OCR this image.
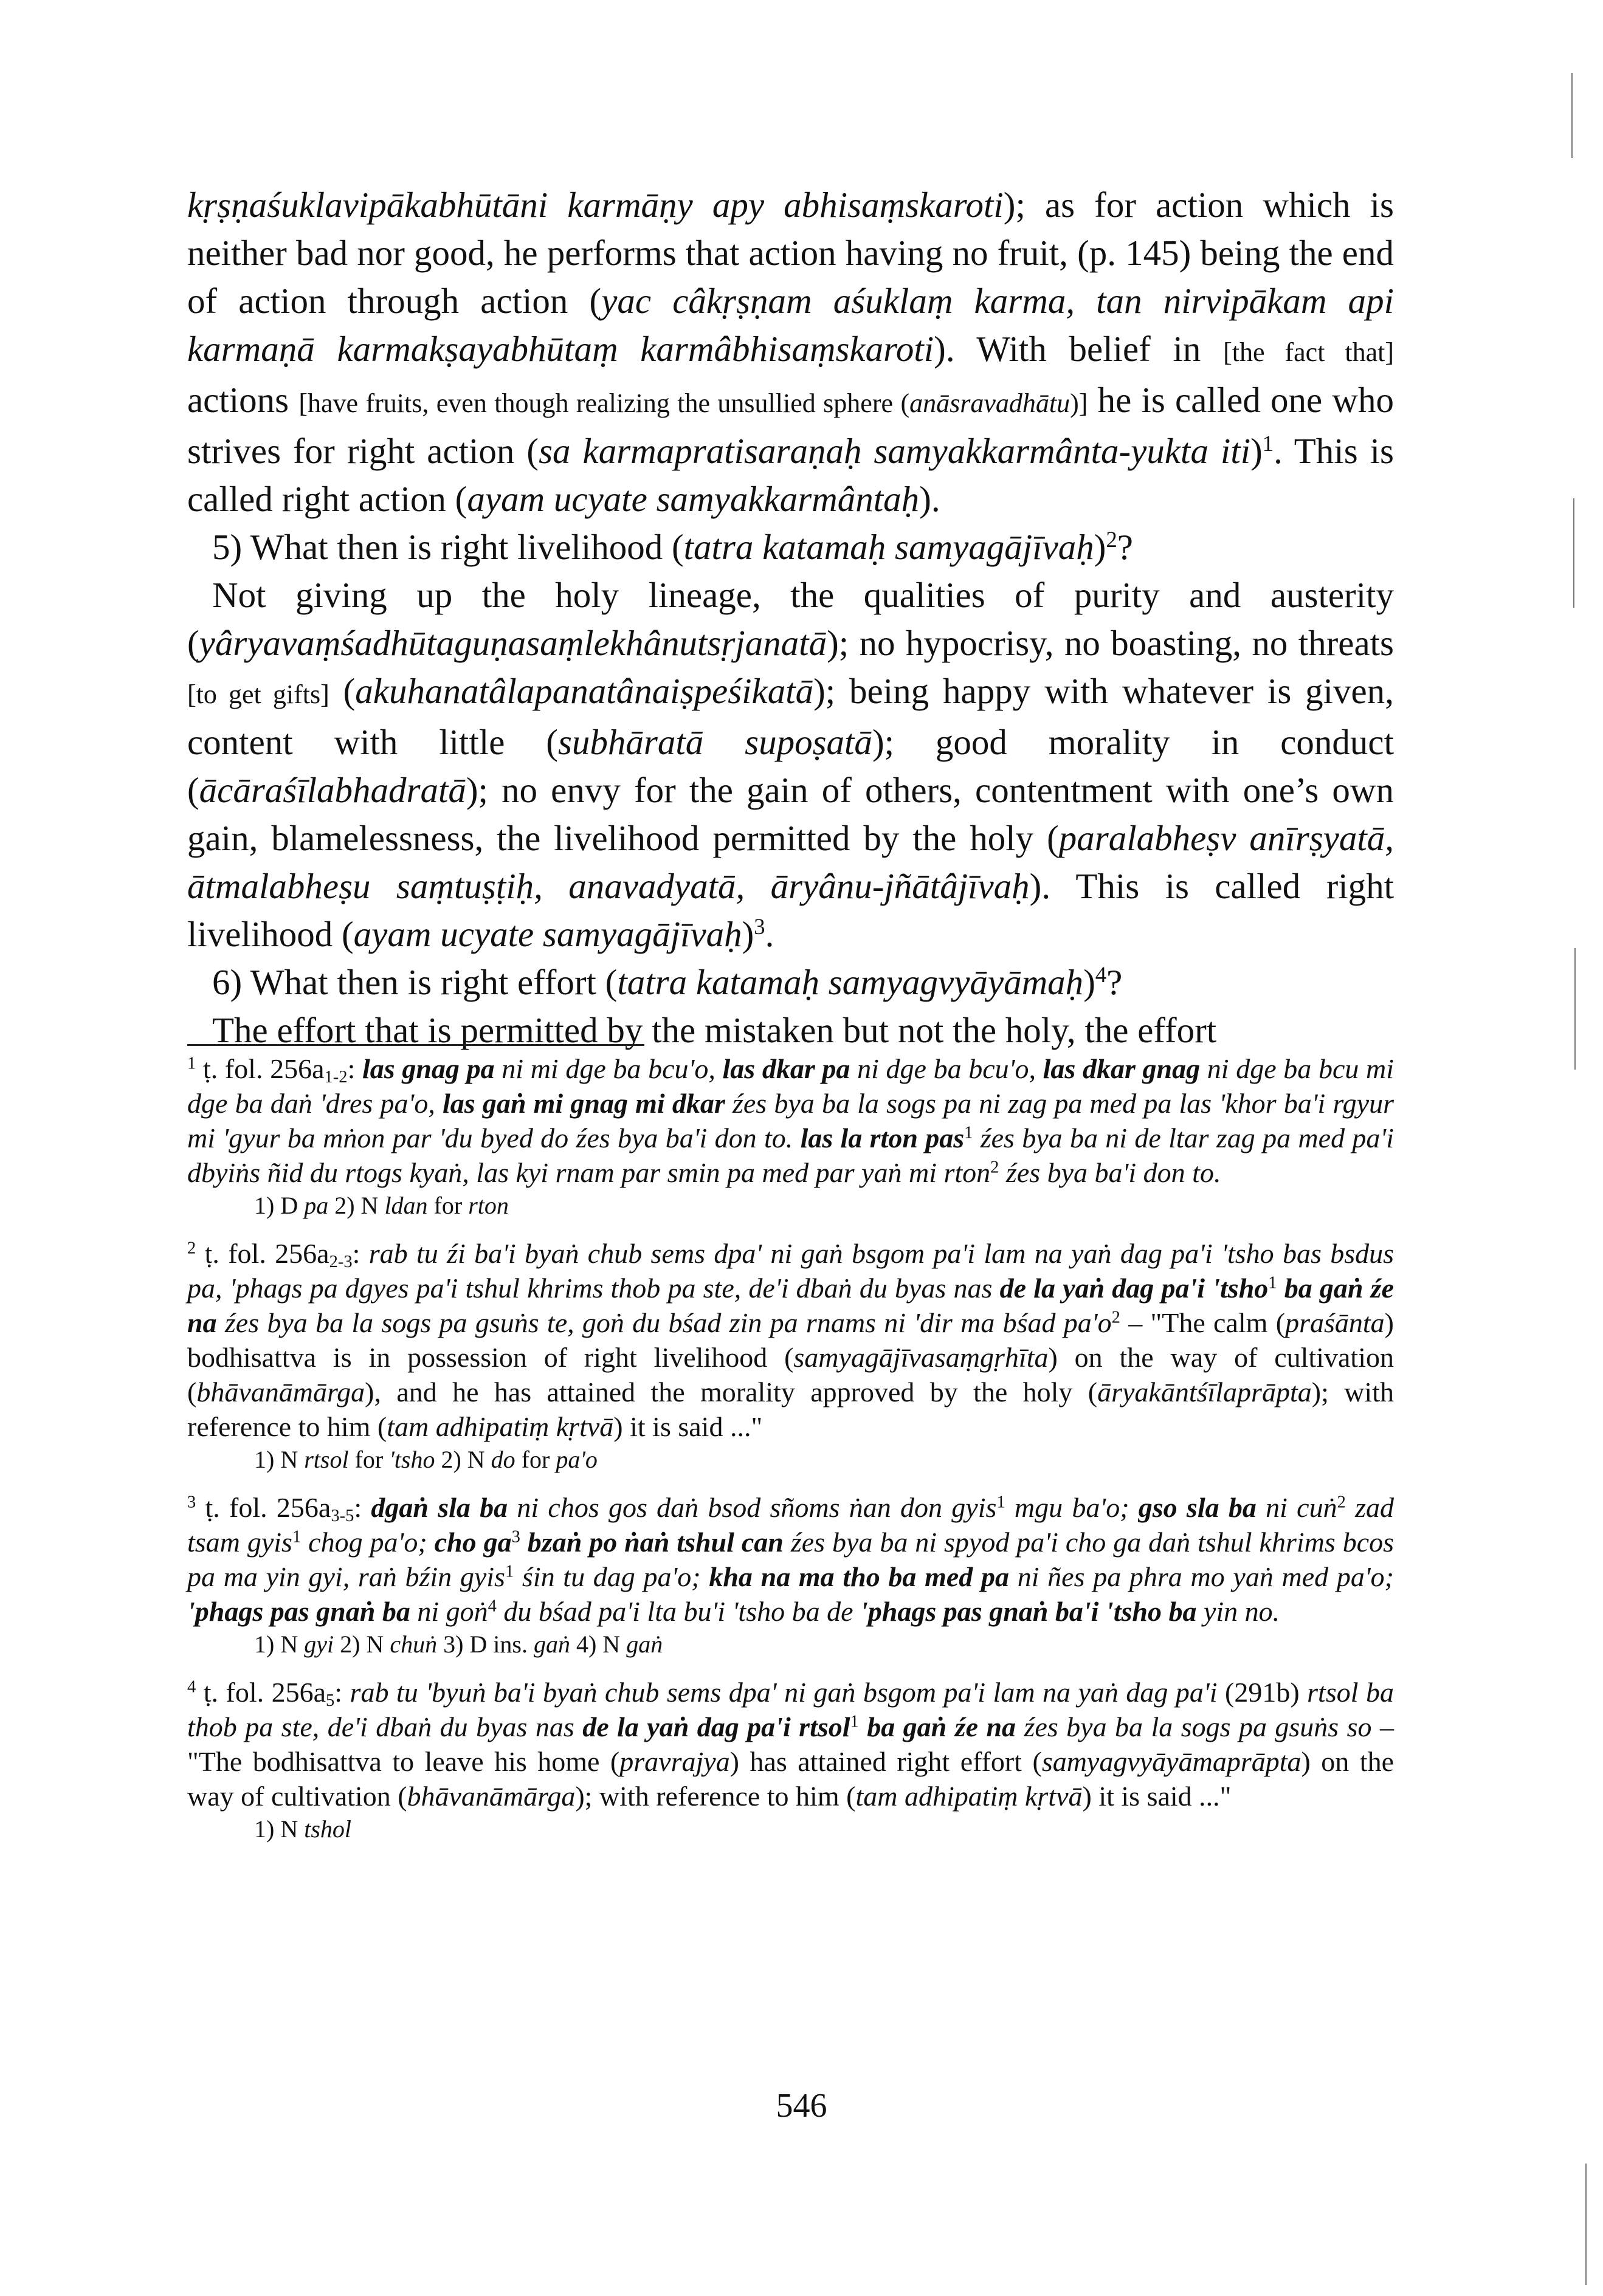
kṛṣṇaśuklavipākabhūtāni karmāṇy apy abhisaṃskaroti); as for action which is neither bad nor good, he performs that action having no fruit, (p. 145) being the end of action through action (yac câkṛṣṇam aśuklaṃ karma, tan nirvipākam api karmaṇā karmakṣayabhūtaṃ karmâbhisaṃskaroti). With belief in [the fact that] actions [have fruits, even though realizing the unsullied sphere (anāsravadhātu)] he is called one who strives for right action (sa karmapratisaraṇaḥ samyakkarmânta-yukta iti)$^1$. This is called right action (ayam ucyate samyakkarmântaḥ).

5) What then is right livelihood (tatra katamaḥ samyagājīvaḥ)$^2$?

Not giving up the holy lineage, the qualities of purity and austerity (yâryavaṃśadhūtaguṇasaṃlekhânutsṛjanatā); no hypocrisy, no boasting, no threats [to get gifts] (akuhanatâlapanatânaiṣpeśikatā); being happy with whatever is given, content with little (subhāratā supoṣatā); good morality in conduct (ācāraśīlabhadratā); no envy for the gain of others, contentment with one’s own gain, blamelessness, the livelihood permitted by the holy (paralabheṣv anīrṣyatā, ātmalabheṣu saṃtuṣṭiḥ, anavadyatā, āryânu-jñātâjīvaḥ). This is called right livelihood (ayam ucyate samyagājīvaḥ)$^3$.

6) What then is right effort (tatra katamaḥ samyagvyāyāmaḥ)$^4$?

The effort that is permitted by the mistaken but not the holy, the effort

$^1$ ṭ. fol. $256a_{1-2}$: las gnag pa ni mi dge ba bcu'o, las dkar pa ni dge ba bcu'o, las dkar gnag ni dge ba bcu mi dge ba daṅ 'dres pa'o, las gaṅ mi gnag mi dkar źes bya ba la sogs pa ni zag pa med pa las 'khor ba'i rgyur mi 'gyur ba mṅon par 'du byed do źes bya ba'i don to. las la rton pas$^1$ źes bya ba ni de ltar zag pa med pa'i dbyiṅs ñid du rtogs kyaṅ, las kyi rnam par smin pa med par yaṅ mi rton$^2$ źes bya ba'i don to.

1) D pa 2) N ldan for rton

$^2$ ṭ. fol. $256a_{2-3}$: rab tu źi ba'i byaṅ chub sems dpa' ni gaṅ bsgom pa'i lam na yaṅ dag pa'i 'tsho bas bsdus pa, 'phags pa dgyes pa'i tshul khrims thob pa ste, de'i dbaṅ du byas nas de la yaṅ dag pa'i 'tsho$^1$ ba gaṅ źe na źes bya ba la sogs pa gsuṅs te, goṅ du bśad zin pa rnams ni 'dir ma bśad $pa'o^2$ – "The calm (praśānta) bodhisattva is in possession of right livelihood (samyagājīvasaṃgṛhīta) on the way of cultivation (bhāvanāmārga), and he has attained the morality approved by the holy (āryakāntśīlaprāpta); with reference to him (tam adhipatiṃ kṛtvā) it is said ..."

1) N rtsol for 'tsho 2) N do for pa'o

$^3$ ṭ. fol. $256a_{3-5}$: dgaṅ sla ba ni chos gos daṅ bsod sñoms ṅan don gyis$^1$ mgu ba'o; gso sla ba ni cuṅ$^2$ zad tsam gyis$^1$ chog pa'o; cho $ga^3$ bzaṅ po ṅaṅ tshul can źes bya ba ni spyod pa'i cho ga daṅ tshul khrims bcos pa ma yin gyi, raṅ bźin gyis$^1$ śin tu dag pa'o; kha na ma tho ba med pa ni ñes pa phra mo yaṅ med pa'o; 'phags pas gnaṅ ba ni goṅ$^4$ du bśad pa'i lta bu'i 'tsho ba de 'phags pas gnaṅ ba'i 'tsho ba yin no.

1) N gyi 2) N chuṅ 3) D ins. gaṅ 4) N gaṅ

$^4$ ṭ. fol. $256a_5$: rab tu 'byuṅ ba'i byaṅ chub sems dpa' ni gaṅ bsgom pa'i lam na yaṅ dag pa'i (291b) rtsol ba thob pa ste, de'i dbaṅ du byas nas de la yaṅ dag pa'i rtsol$^1$ ba gaṅ źe na źes bya ba la sogs pa gsuṅs so – "The bodhisattva to leave his home (pravrajya) has attained right effort (samyagvyāyāmaprāpta) on the way of cultivation (bhāvanāmārga); with reference to him (tam adhipatiṃ kṛtvā) it is said ..."

1) N tshol

546
